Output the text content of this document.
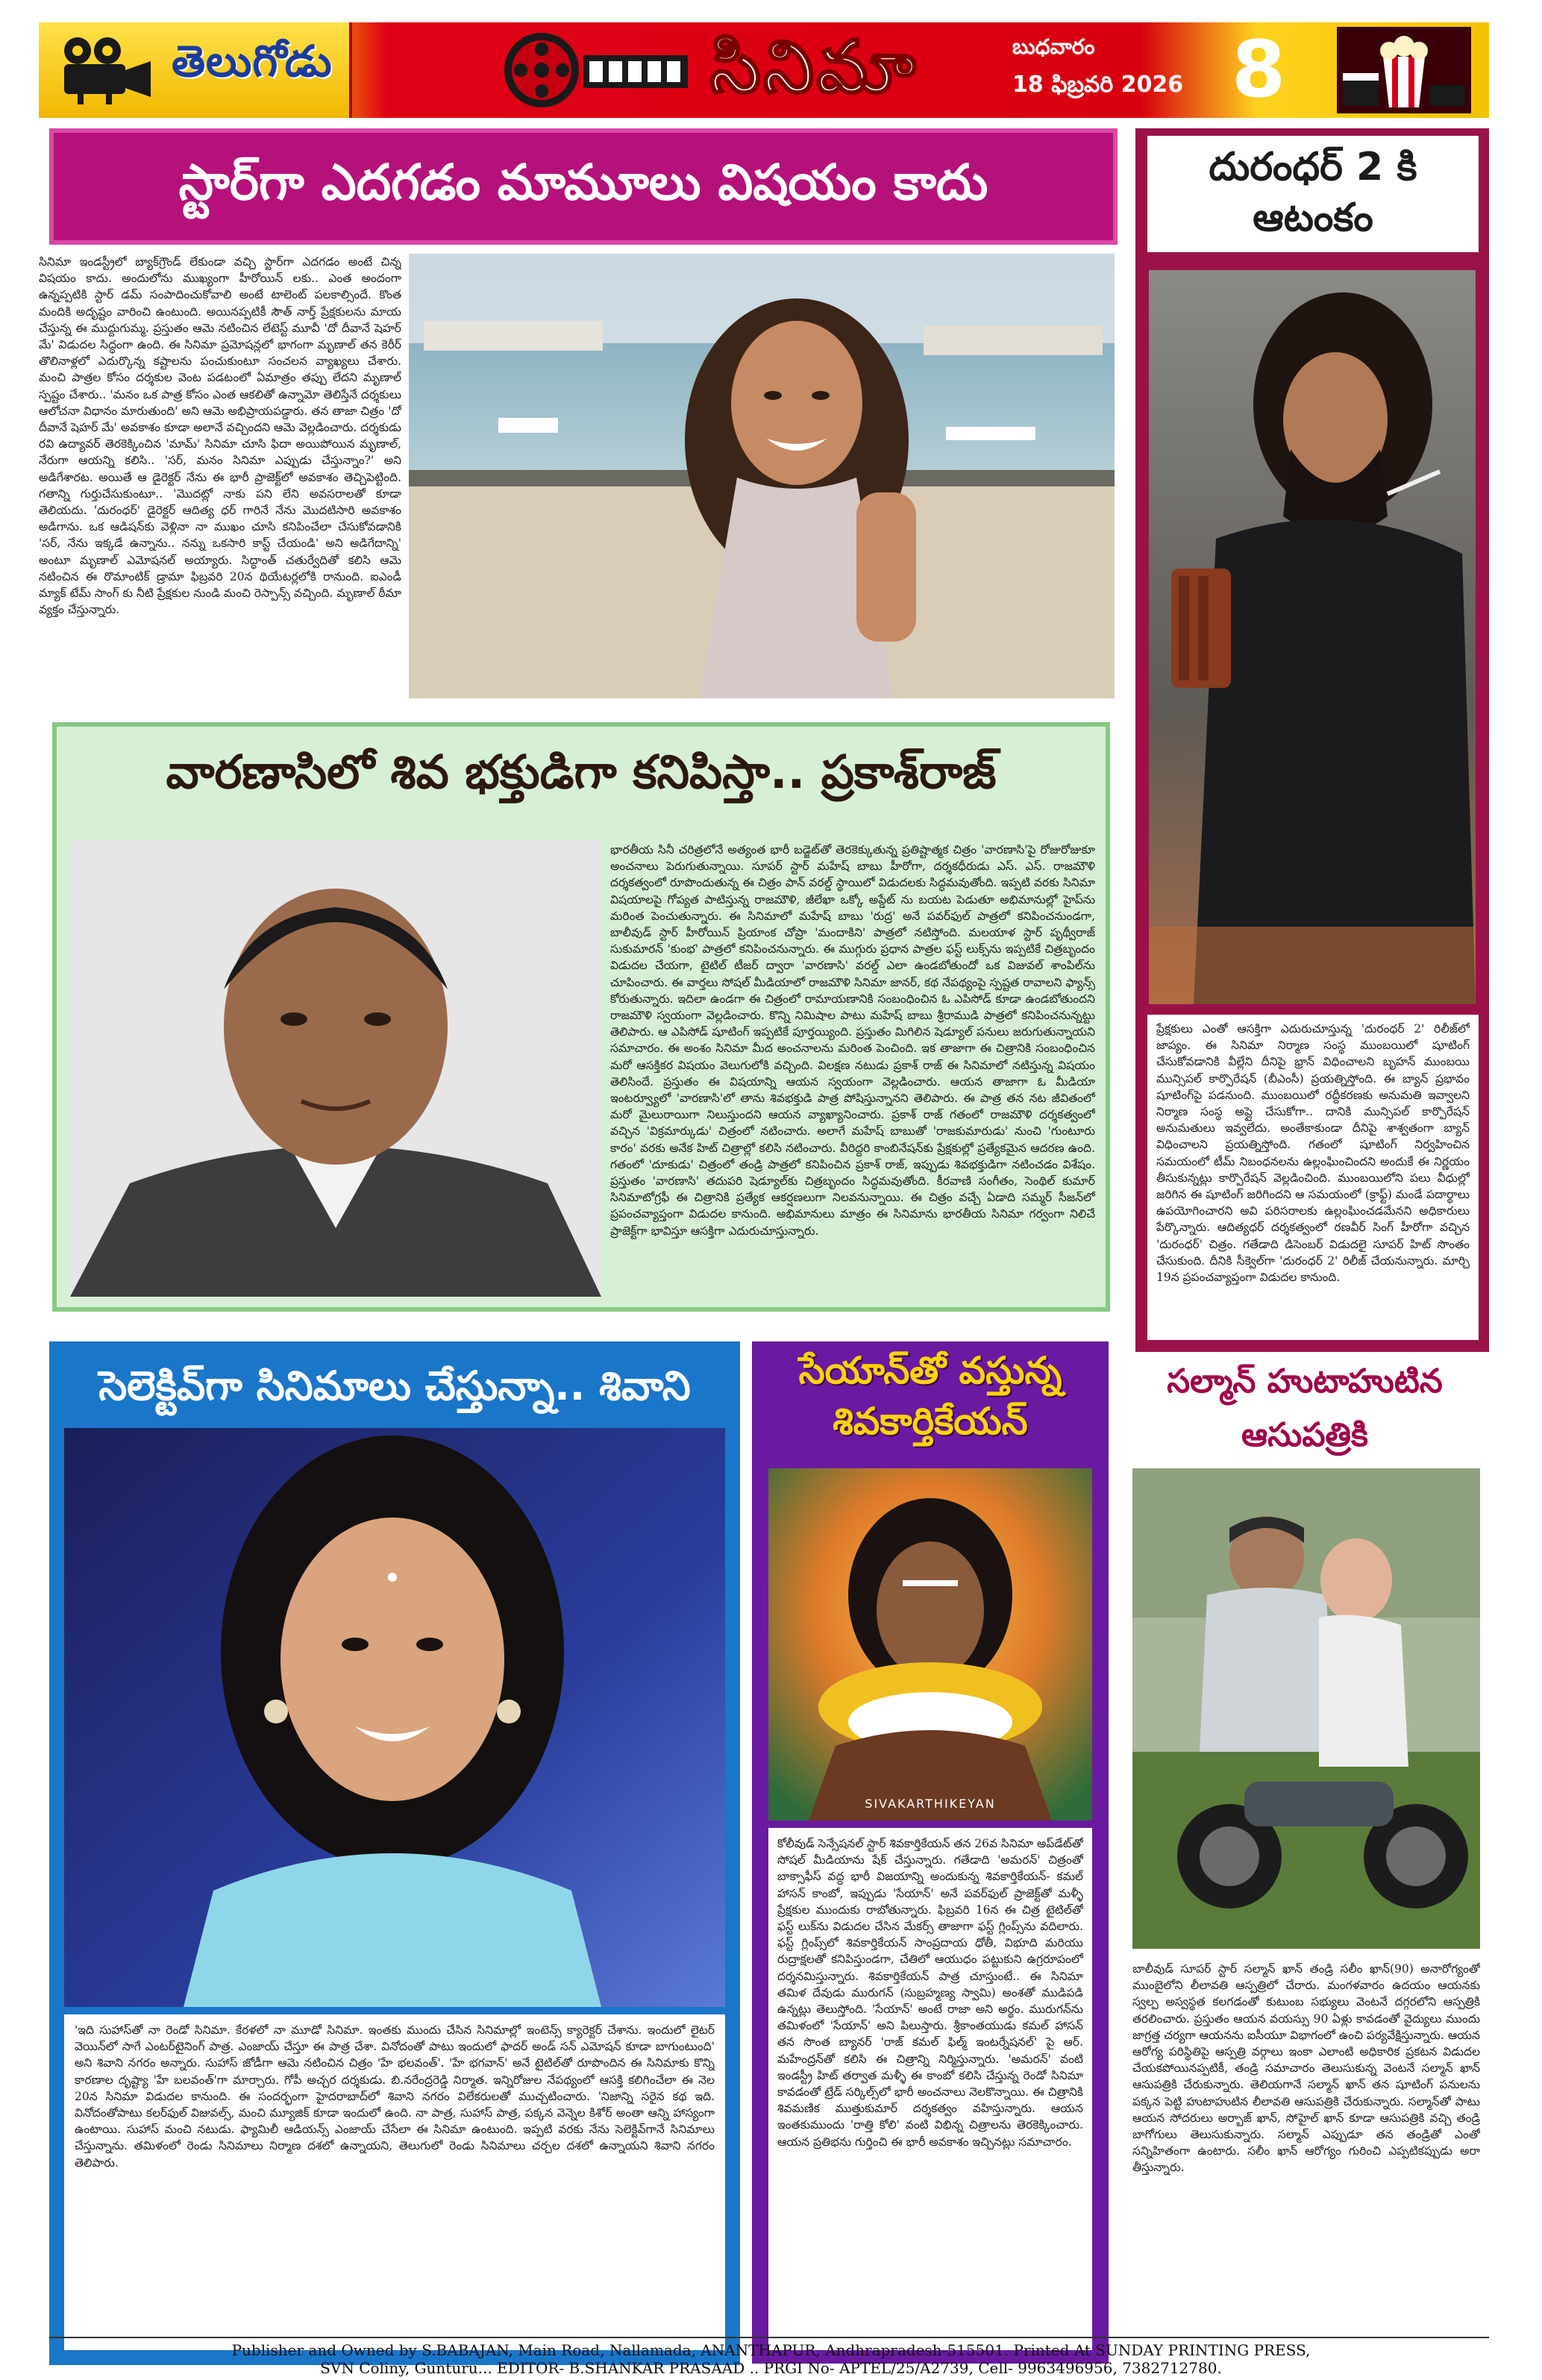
తెలుగోడు	సినిమా	బుధవారం
18 ఫిబ్రవరి 2026 8
స్టార్‌గా ఎదగడం మామూలు విషయం కాదు
సినిమా ఇండస్ట్రీలో బ్యాక్‌గ్రౌండ్ లేకుండా వచ్చి స్టార్‌గా ఎదగడం అంటే చిన్న విషయం కాదు. అందులోను ముఖ్యంగా హీరోయిన్ లకు.. ఎంత అందంగా ఉన్నప్పటికి స్టార్ డమ్ సంపాదించుకోవాలి అంటే టాలెంట్ పలకాల్సిందే. కొంత మందికి అదృష్టం వారించి ఉంటుంది. అయినప్పటికీ సౌత్ నార్త్ ప్రేక్షకులను మాయ చేస్తున్న ఈ ముద్దుగుమ్మ. ప్రస్తుతం ఆమె నటించిన లేటెస్ట్ మూవీ 'దో దీవానే షెహర్ మే' విడుదల సిద్ధంగా ఉంది. ఈ సినిమా ప్రమోషన్లలో భాగంగా మృణాల్ తన కెరీర్ తొలినాళ్లలో ఎదుర్కొన్న కష్టాలను పంచుకుంటూ సంచలన వ్యాఖ్యలు చేశారు. మంచి పాత్రల కోసం దర్శకుల వెంట పడటంలో ఏమాత్రం తప్పు లేదని మృణాల్ స్పష్టం చేశారు.. 'మనం ఒక పాత్ర కోసం ఎంత ఆకలితో ఉన్నామో తెలిస్తేనే దర్శకులు ఆలోచనా విధానం మారుతుంది' అని ఆమె అభిప్రాయపడ్డారు. తన తాజా చిత్రం 'దో దీవానే షెహర్ మే' అవకాశం కూడా అలానే వచ్చిందని ఆమె వెల్లడించారు. దర్శకుడు రవి ఉద్యావర్ తెరకెక్కించిన 'మామ్' సినిమా చూసి ఫిదా అయిపోయిన మృణాల్, నేరుగా ఆయన్ని కలిసి.. 'సర్, మనం సినిమా ఎప్పుడు చేస్తున్నాం?' అని అడిగేశారట. అయితే ఆ డైరెక్టర్ నేను ఈ భారీ ప్రాజెక్ట్‌లో అవకాశం తెచ్చిపెట్టింది. గతాన్ని గుర్తుచేసుకుంటూ.. 'మొదట్లో నాకు పని లేని అవసరాలతో కూడా తెలియదు. 'దురంధర్' డైరెక్టర్ ఆదిత్య ధర్ గారినే నేను మొదటిసారి అవకాశం అడిగాను. ఒక ఆడిషన్‌కు వెళ్లినా నా ముఖం చూసి కనిపించేలా చేసుకోవడానికి 'సర్, నేను ఇక్కడే ఉన్నాను.. నన్ను ఒకసారి కాస్ట్ చేయండి' అని అడిగేదాన్ని' అంటూ మృణాల్ ఎమోషనల్ అయ్యారు. సిద్ధాంత్ చతుర్వేదితో కలిసి ఆమె నటించిన ఈ రొమాంటిక్ డ్రామా ఫిబ్రవరి 20న థియేటర్లలోకి రానుంది. ఐఎండీ మ్యాక్ టేమ్ సాంగ్ కు నీటి ప్రేక్షకుల నుండి మంచి రెస్పాన్స్ వచ్చింది. మృణాల్ ఠీమా వ్యక్తం చేస్తున్నారు.
దురంధర్ 2 కి
ఆటంకం
ప్రేక్షకులు ఎంతో ఆసక్తిగా ఎదురుచూస్తున్న 'దురంధర్ 2' రిలీజ్‌లో జాప్యం. ఈ సినిమా నిర్మాణ సంస్థ ముంబయిలో షూటింగ్ చేసుకోవడానికి వీల్లేని దీనిపై భ్రాన్ విధించాలని బృహన్ ముంబయి మున్సిపల్ కార్పొరేషన్ (బీఎంసీ) ప్రయత్నిస్తోంది. ఈ బ్యాన్ ప్రభావం షూటింగ్‌పై పడనుంది. ముంబయిలో రద్దీకరణకు అనుమతి ఇవ్వాలని నిర్మాణ సంస్థ అప్లై చేసుకోగా.. దానికి మున్సిపల్ కార్పొరేషన్ అనుమతులు ఇవ్వలేదు. అంతేకాకుండా దీనిపై శాశ్వతంగా బ్యాన్ విధించాలని ప్రయత్నిస్తోంది. గతంలో షూటింగ్ నిర్వహించిన సమయంలో టీమ్ నిబంధనలను ఉల్లంఘించిందని అందుకే ఈ నిర్ణయం తీసుకున్నట్లు కార్పొరేషన్ వెల్లడించింది. ముంబయిలోని పలు వీధుల్లో జరిగిన ఈ షూటింగ్ జరిగిందని ఆ సమయంలో (క్రాఫ్ట్) మండే పదార్థాలు ఉపయోగించారని అవి పరిసరాలకు ఉల్లంఘించడమేనని అధికారులు పేర్కొన్నారు. ఆదిత్యధర్ దర్శకత్వంలో రణవీర్ సింగ్ హీరోగా వచ్చిన 'దురంధర్' చిత్రం. గతేడాది డిసెంబర్ విడుదలై సూపర్ హిట్ సొంతం చేసుకుంది. దీనికి సీక్వెల్‌గా 'దురంధర్ 2' రిలీజ్ చేయనున్నారు. మార్చి 19న ప్రపంచవ్యాప్తంగా విడుదల కానుంది.
వారణాసిలో శివ భక్తుడిగా కనిపిస్తా.. ప్రకాశ్‌రాజ్
భారతీయ సినీ చరిత్రలోనే అత్యంత భారీ బడ్జెట్‌తో తెరకెక్కుతున్న ప్రతిష్టాత్మక చిత్రం 'వారణాసి'పై రోజురోజుకూ అంచనాలు పెరుగుతున్నాయి. సూపర్ స్టార్ మహేష్ బాబు హీరోగా, దర్శకధీరుడు ఎస్. ఎస్. రాజమౌళి దర్శకత్వంలో రూపొందుతున్న ఈ చిత్రం పాన్ వరల్డ్ స్థాయిలో విడుదలకు సిద్ధమవుతోంది. ఇప్పటి వరకు సినిమా విషయాలపై గోప్యత పాటిస్తున్న రాజమౌళి, జీలేఖా ఒక్కో అప్డేట్ ను బయట పెడుతూ అభిమానుల్లో హైప్‌ను మరింత పెంచుతున్నారు. ఈ సినిమాలో మహేష్ బాబు 'రుద్ర' అనే పవర్‌ఫుల్ పాత్రలో కనిపించనుండగా, బాలీవుడ్ స్టార్ హీరోయిన్ ప్రియాంక చోప్రా 'మందాకిని' పాత్రలో నటిస్తోంది. మలయాళ స్టార్ పృథ్వీరాజ్ సుకుమారన్ 'కుంభ' పాత్రలో కనిపించనున్నారు. ఈ ముగ్గురు ప్రధాన పాత్రల ఫస్ట్ లుక్స్‌ను ఇప్పటికే చిత్రబృందం విడుదల చేయగా, టైటిల్ టీజర్ ద్వారా 'వారణాసి' వరల్డ్ ఎలా ఉండబోతుందో ఒక విజువల్ శాంపిల్‌ను చూపించారు. ఈ వార్తలు సోషల్ మీడియాలో రాజమౌళి సినిమా జానర్, కథ నేపథ్యంపై స్పష్టత రావాలని ఫ్యాన్స్ కోరుతున్నారు. ఇదిలా ఉండగా ఈ చిత్రంలో రామాయణానికి సంబంధించిన ఓ ఎపిసోడ్ కూడా ఉండబోతుందని రాజమౌళి స్వయంగా వెల్లడించారు. కొన్ని నిమిషాల పాటు మహేష్ బాబు శ్రీరాముడి పాత్రలో కనిపించనున్నట్టు తెలిపారు. ఆ ఎపిసోడ్ షూటింగ్ ఇప్పటికే పూర్తయ్యింది. ప్రస్తుతం మిగిలిన షెడ్యూల్ పనులు జరుగుతున్నాయని సమాచారం. ఈ అంశం సినిమా మీద అంచనాలను మరింత పెంచింది. ఇక తాజాగా ఈ చిత్రానికి సంబంధించిన మరో ఆసక్తికర విషయం వెలుగులోకి వచ్చింది. విలక్షణ నటుడు ప్రకాశ్ రాజ్ ఈ సినిమాలో నటిస్తున్న విషయం తెలిసిందే. ప్రస్తుతం ఈ విషయాన్ని ఆయన స్వయంగా వెల్లడించారు. ఆయన తాజాగా ఓ మీడియా ఇంటర్వ్యూలో 'వారణాసి'లో తాను శివభక్తుడి పాత్ర పోషిస్తున్నానని తెలిపారు. ఈ పాత్ర తన నట జీవితంలో మరో మైలురాయిగా నిలుస్తుందని ఆయన వ్యాఖ్యానించారు. ప్రకాశ్ రాజ్ గతంలో రాజమౌళి దర్శకత్వంలో వచ్చిన 'విక్రమార్కుడు' చిత్రంలో నటించారు. అలాగే మహేష్ బాబుతో 'రాజకుమారుడు' నుంచి 'గుంటూరు కారం' వరకు అనేక హిట్ చిత్రాల్లో కలిసి నటించారు. వీరిద్దరి కాంబినేషన్‌కు ప్రేక్షకుల్లో ప్రత్యేకమైన ఆదరణ ఉంది. గతంలో 'దూకుడు' చిత్రంలో తండ్రి పాత్రలో కనిపించిన ప్రకాశ్ రాజ్, ఇప్పుడు శివభక్తుడిగా నటించడం విశేషం. ప్రస్తుతం 'వారణాసి' తదుపరి షెడ్యూల్‌కు చిత్రబృందం సిద్ధమవుతోంది. కీరవాణి సంగీతం, సెంథిల్ కుమార్ సినిమాటోగ్రఫీ ఈ చిత్రానికి ప్రత్యేక ఆకర్షణలుగా నిలవనున్నాయి. ఈ చిత్రం వచ్చే ఏడాది సమ్మర్ సీజన్‌లో ప్రపంచవ్యాప్తంగా విడుదల కానుంది. అభిమానులు మాత్రం ఈ సినిమాను భారతీయ సినిమా గర్వంగా నిలిచే ప్రాజెక్ట్‌గా భావిస్తూ ఆసక్తిగా ఎదురుచూస్తున్నారు.
సెలెక్టివ్‌గా సినిమాలు చేస్తున్నా.. శివాని
'ఇది సుహాస్‌తో నా రెండో సినిమా. కేరళలో నా మూడో సినిమా. ఇంతకు ముందు చేసిన సినిమాల్లో ఇంటెన్స్ క్యారెక్టర్ చేశాను. ఇందులో లైటర్ వెయిన్‌లో సాగే ఎంటర్‌టైనింగ్ పాత్ర. ఎంజాయ్ చేస్తూ ఈ పాత్ర చేశా. వినోదంతో పాటు ఇందులో ఫాదర్ అండ్ సన్ ఎమోషన్ కూడా బాగుంటుంది' అని శివాని నగరం అన్నారు. సుహాస్ జోడీగా ఆమె నటించిన చిత్రం 'హే భలవంత్'. 'హే భగవాన్' అనే టైటిల్‌తో రూపొందిన ఈ సినిమాకు కొన్ని కారణాల దృష్ట్యా 'హే బలవంత్'గా మార్చారు. గోపీ అచ్చర దర్శకుడు. బి.నరేంద్రరెడ్డి నిర్మాత. ఇన్నిరోజుల నేపథ్యంలో ఆసక్తి కలిగించేలా ఈ నెల 20న సినిమా విడుదల కానుంది. ఈ సందర్భంగా హైదరాబాద్‌లో శివాని నగరం విలేకరులతో ముచ్చటించారు. 'నిజాన్ని సరైన కథ ఇది. వినోదంతోపాటు కలర్‌ఫుల్ విజువల్స్, మంచి మ్యూజిక్ కూడా ఇందులో ఉంది. నా పాత్ర, సుహాస్ పాత్ర, పక్కన వెన్నెల కిశోర్ అంతా ఆన్ని హాస్యంగా ఉంటాయి. సుహాస్ మంచి నటుడు. ఫ్యామిలీ ఆడియన్స్ ఎంజాయ్ చేసేలా ఈ సినిమా ఉంటుంది. ఇప్పటి వరకు నేను సెలెక్టివ్‌గానే సినిమాలు చేస్తున్నాను. తమిళంలో రెండు సినిమాలు నిర్మాణ దశలో ఉన్నాయని, తెలుగులో రెండు సినిమాలు చర్చల దశలో ఉన్నాయని శివాని నగరం తెలిపారు.
సేయాన్‌తో వస్తున్న
శివకార్తికేయన్
SIVAKARTHIKEYAN
కోలీవుడ్ సెన్సేషనల్ స్టార్ శివకార్తికేయన్ తన 26వ సినిమా అప్‌డేట్‌తో సోషల్ మీడియాను షేక్ చేస్తున్నారు. గతేడాది 'అమరన్' చిత్రంతో బాక్సాఫీస్ వద్ద భారీ విజయాన్ని అందుకున్న శివకార్తికేయన్- కమల్ హాసన్ కాంబో, ఇప్పుడు 'సేయాన్' అనే పవర్‌ఫుల్ ప్రాజెక్ట్‌తో మళ్ళీ ప్రేక్షకుల ముందుకు రాబోతున్నారు. ఫిబ్రవరి 16న ఈ చిత్ర టైటిల్‌తో ఫస్ట్ లుక్‌ను విడుదల చేసిన మేకర్స్ తాజాగా ఫస్ట్ గ్లింప్స్‌ను వదిలారు. ఫస్ట్ గ్లింప్స్‌లో శివకార్తికేయన్ సాంప్రదాయ ధోతీ, విభూది మరియు రుద్రాక్షలతో కనిపిస్తుండగా, చేతిలో ఆయుధం పట్టుకుని ఉగ్రరూపంలో దర్శనమిస్తున్నారు. శివకార్తికేయన్ పాత్ర చూస్తుంటే.. ఈ సినిమా తమిళ దేవుడు మురుగన్ (సుబ్రహ్మణ్య స్వామి) అంశతో ముడిపడి ఉన్నట్లు తెలుస్తోంది. 'సేయాన్' అంటే రాజా అని అర్థం. మురుగన్‌ను తమిళంలో 'సేయాన్' అని పిలుస్తారు. శ్రీకాంతయుడు కమల్ హాసన్ తన సొంత బ్యానర్ 'రాజ్ కమల్ ఫిల్మ్ ఇంటర్నేషనల్' పై ఆర్. మహేంద్రన్‌తో కలిసి ఈ చిత్రాన్ని నిర్మిస్తున్నారు. 'అమరన్' వంటి ఇండస్ట్రీ హిట్ తర్వాత మళ్ళీ ఈ కాంబో కలిసి చేస్తున్న రెండో సినిమా కావడంతో ట్రేడ్ సర్కిల్స్‌లో భారీ అంచనాలు నెలకొన్నాయి. ఈ చిత్రానికి శివమణిక ముత్తుకుమార్ దర్శకత్వం వహిస్తున్నారు. ఆయన ఇంతకుముందు 'రాత్తి కోలి' వంటి విభిన్న చిత్రాలను తెరకెక్కించారు. ఆయన ప్రతిభను గుర్తించి ఈ భారీ అవకాశం ఇచ్చినట్లు సమాచారం.
సల్మాన్ హుటాహుటిన
ఆసుపత్రికి
బాలీవుడ్ సూపర్ స్టార్ సల్మాన్ ఖాన్ తండ్రి సలీం ఖాన్(90) అనారోగ్యంతో ముంబైలోని లీలావతి ఆస్పత్రిలో చేరారు. మంగళవారం ఉదయం ఆయనకు స్వల్ప అస్వస్థత కలగడంతో కుటుంబ సభ్యులు వెంటనే దగ్గరలోని ఆస్పత్రికి తరలించారు. ప్రస్తుతం ఆయన వయస్సు 90 ఏళ్లు కావడంతో వైద్యులు ముందు జాగ్రత్త చర్యగా ఆయనను ఐసీయూ విభాగంలో ఉంచి పర్యవేక్షిస్తున్నారు. ఆయన ఆరోగ్య పరిస్థితిపై ఆస్పత్రి వర్గాలు ఇంకా ఎలాంటి అధికారిక ప్రకటన విడుదల చేయకపోయినప్పటికీ, తండ్రి సమాచారం తెలుసుకున్న వెంటనే సల్మాన్ ఖాన్ ఆసుపత్రికి చేరుకున్నారు. తెలియగానే సల్మాన్ ఖాన్ తన షూటింగ్ పనులను పక్కన పెట్టి హుటాహుటిన లీలావతి ఆసుపత్రికి చేరుకున్నారు. సల్మాన్‌తో పాటు ఆయన సోదరులు అర్బాజ్ ఖాన్, సోహైల్ ఖాన్ కూడా ఆసుపత్రికి వచ్చి తండ్రి బాగోగులు తెలుసుకున్నారు. సల్మాన్ ఎప్పుడూ తన తండ్రితో ఎంతో సన్నిహితంగా ఉంటారు. సలీం ఖాన్ ఆరోగ్యం గురించి ఎప్పటికప్పుడు అరా తీస్తున్నారు.
Publisher and Owned by S.BABAJAN, Main Road, Nallamada, ANANTHAPUR, Andhrapradesh-515501. Printed At SUNDAY PRINTING PRESS,
SVN Coliny, Gunturu... EDITOR- B.SHANKAR PRASAAD .. PRGI No- APTEL/25/A2739, Cell- 9963496956, 7382712780.
